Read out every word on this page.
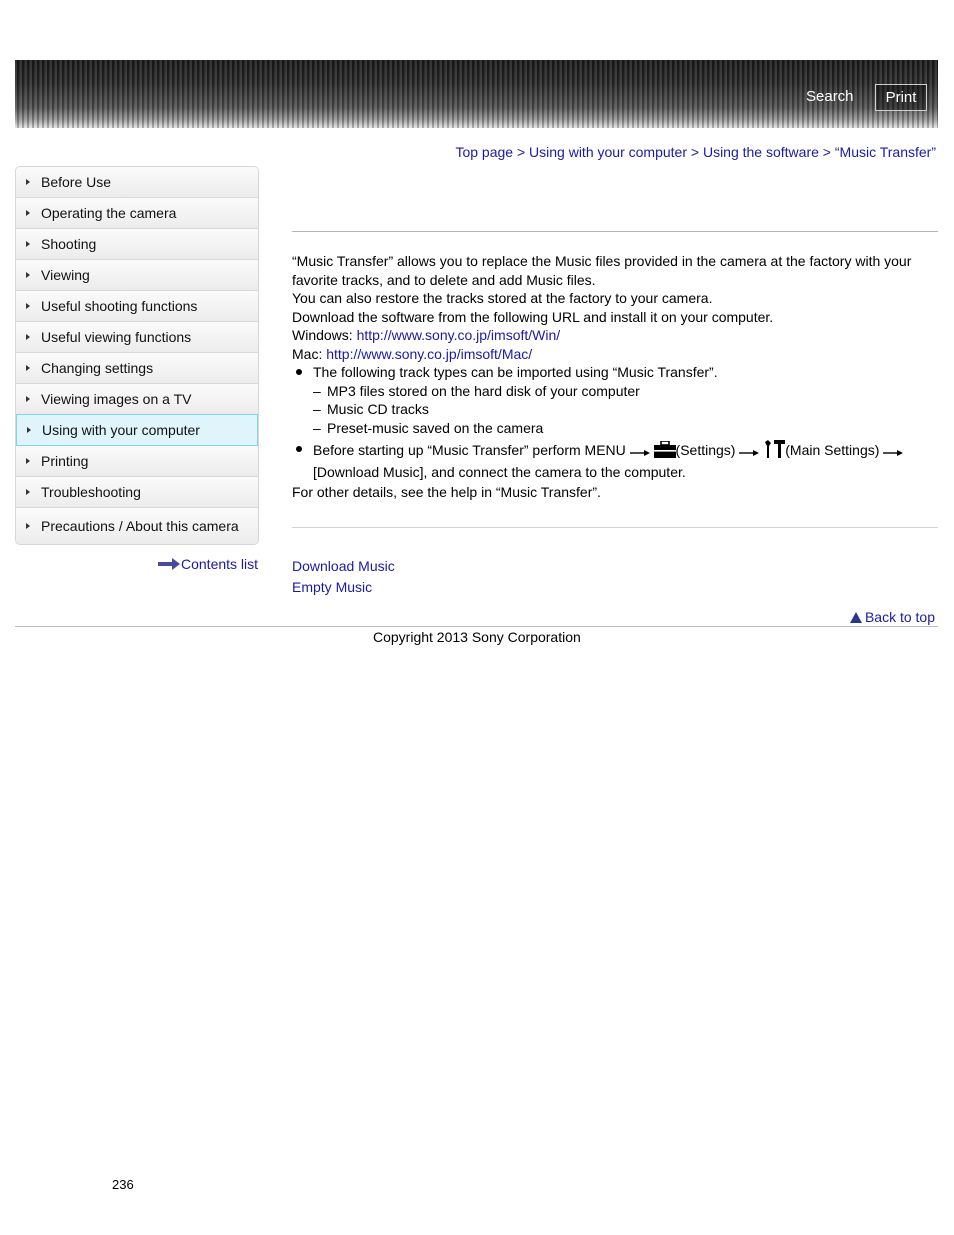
Search	Print
Top page > Using with your computer > Using the software > “Music Transfer”
Before Use
Operating the camera
Shooting
Viewing
Useful shooting functions
Useful viewing functions
Changing settings
Viewing images on a TV
Using with your computer
Printing
Troubleshooting
Precautions / About this camera
Contents list

“Music Transfer” allows you to replace the Music files provided in the camera at the factory with your favorite tracks, and to delete and add Music files.

You can also restore the tracks stored at the factory to your camera.

Download the software from the following URL and install it on your computer.

Windows: http://www.sony.co.jp/imsoft/Win/

Mac: http://www.sony.co.jp/imsoft/Mac/

The following track types can be imported using “Music Transfer”.

– MP3 files stored on the hard disk of your computer

– Music CD tracks

– Preset-music saved on the camera

Before starting up “Music Transfer” perform MENU	(Settings)	(Main Settings)
[Download Music], and connect the camera to the computer.

For other details, see the help in “Music Transfer”.

Download Music
Empty Music
Back to top
Copyright 2013 Sony Corporation
236
